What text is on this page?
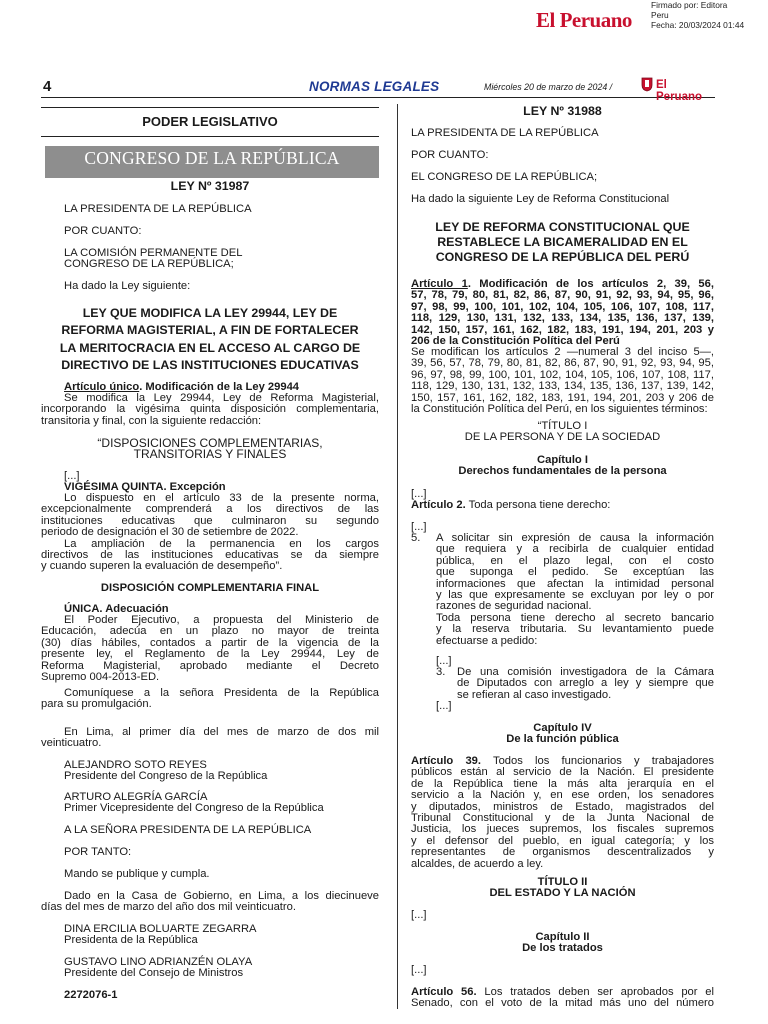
El Peruano
Firmado por: Editora
Peru
Fecha: 20/03/2024 01:44
4	NORMAS LEGALES	Miércoles 20 de marzo de 2024 /	El Peruano
PODER LEGISLATIVO
CONGRESO DE LA REPÚBLICA
LEY Nº 31987
LA PRESIDENTA DE LA REPÚBLICA
POR CUANTO:
LA COMISIÓN PERMANENTE DEL
CONGRESO DE LA REPÚBLICA;
Ha dado la Ley siguiente:
LEY QUE MODIFICA LA LEY 29944, LEY DE
REFORMA MAGISTERIAL, A FIN DE FORTALECER
LA MERITOCRACIA EN EL ACCESO AL CARGO DE
DIRECTIVO DE LAS INSTITUCIONES EDUCATIVAS
Artículo único. Modificación de la Ley 29944
Se modifica la Ley 29944, Ley de Reforma Magisterial,
incorporando la vigésima quinta disposición complementaria,
transitoria y final, con la siguiente redacción:
“DISPOSICIONES COMPLEMENTARIAS,
TRANSITORIAS Y FINALES
[...]
VIGÉSIMA QUINTA. Excepción
Lo dispuesto en el artículo 33 de la presente norma,
excepcionalmente comprenderá a los directivos de las
instituciones educativas que culminaron su segundo
periodo de designación el 30 de setiembre de 2022.
La ampliación de la permanencia en los cargos
directivos de las instituciones educativas se da siempre
y cuando superen la evaluación de desempeño”.
DISPOSICIÓN COMPLEMENTARIA FINAL
ÚNICA. Adecuación
El Poder Ejecutivo, a propuesta del Ministerio de
Educación, adecúa en un plazo no mayor de treinta
(30) días hábiles, contados a partir de la vigencia de la
presente ley, el Reglamento de la Ley 29944, Ley de
Reforma Magisterial, aprobado mediante el Decreto
Supremo 004-2013-ED.
Comuníquese a la señora Presidenta de la República
para su promulgación.
En Lima, al primer día del mes de marzo de dos mil
veinticuatro.
ALEJANDRO SOTO REYES
Presidente del Congreso de la República
ARTURO ALEGRÍA GARCÍA
Primer Vicepresidente del Congreso de la República
A LA SEÑORA PRESIDENTA DE LA REPÚBLICA
POR TANTO:
Mando se publique y cumpla.
Dado en la Casa de Gobierno, en Lima, a los diecinueve
días del mes de marzo del año dos mil veinticuatro.
DINA ERCILIA BOLUARTE ZEGARRA
Presidenta de la República
GUSTAVO LINO ADRIANZÉN OLAYA
Presidente del Consejo de Ministros
2272076-1
LEY Nº 31988
LA PRESIDENTA DE LA REPÚBLICA
POR CUANTO:
EL CONGRESO DE LA REPÚBLICA;
Ha dado la siguiente Ley de Reforma Constitucional
LEY DE REFORMA CONSTITUCIONAL QUE
RESTABLECE LA BICAMERALIDAD EN EL
CONGRESO DE LA REPÚBLICA DEL PERÚ
Artículo 1. Modificación de los artículos 2, 39, 56,
57, 78, 79, 80, 81, 82, 86, 87, 90, 91, 92, 93, 94, 95, 96,
97, 98, 99, 100, 101, 102, 104, 105, 106, 107, 108, 117,
118, 129, 130, 131, 132, 133, 134, 135, 136, 137, 139,
142, 150, 157, 161, 162, 182, 183, 191, 194, 201, 203 y
206 de la Constitución Política del Perú
Se modifican los artículos 2 —numeral 3 del inciso 5—,
39, 56, 57, 78, 79, 80, 81, 82, 86, 87, 90, 91, 92, 93, 94, 95,
96, 97, 98, 99, 100, 101, 102, 104, 105, 106, 107, 108, 117,
118, 129, 130, 131, 132, 133, 134, 135, 136, 137, 139, 142,
150, 157, 161, 162, 182, 183, 191, 194, 201, 203 y 206 de
la Constitución Política del Perú, en los siguientes términos:
“TÍTULO I
DE LA PERSONA Y DE LA SOCIEDAD
Capítulo I
Derechos fundamentales de la persona
[...]
Artículo 2. Toda persona tiene derecho:
[...]
5. A solicitar sin expresión de causa la información
que requiera y a recibirla de cualquier entidad
pública, en el plazo legal, con el costo
que suponga el pedido. Se exceptúan las
informaciones que afectan la intimidad personal
y las que expresamente se excluyan por ley o por
razones de seguridad nacional.
Toda persona tiene derecho al secreto bancario
y la reserva tributaria. Su levantamiento puede
efectuarse a pedido:
[...]
3. De una comisión investigadora de la Cámara
de Diputados con arreglo a ley y siempre que
se refieran al caso investigado.
[...]
Capítulo IV
De la función pública
Artículo 39. Todos los funcionarios y trabajadores
públicos están al servicio de la Nación. El presidente
de la República tiene la más alta jerarquía en el
servicio a la Nación y, en ese orden, los senadores
y diputados, ministros de Estado, magistrados del
Tribunal Constitucional y de la Junta Nacional de
Justicia, los jueces supremos, los fiscales supremos
y el defensor del pueblo, en igual categoría; y los
representantes de organismos descentralizados y
alcaldes, de acuerdo a ley.
TÍTULO II
DEL ESTADO Y LA NACIÓN
[...]
Capítulo II
De los tratados
[...]
Artículo 56. Los tratados deben ser aprobados por el
Senado, con el voto de la mitad más uno del número
